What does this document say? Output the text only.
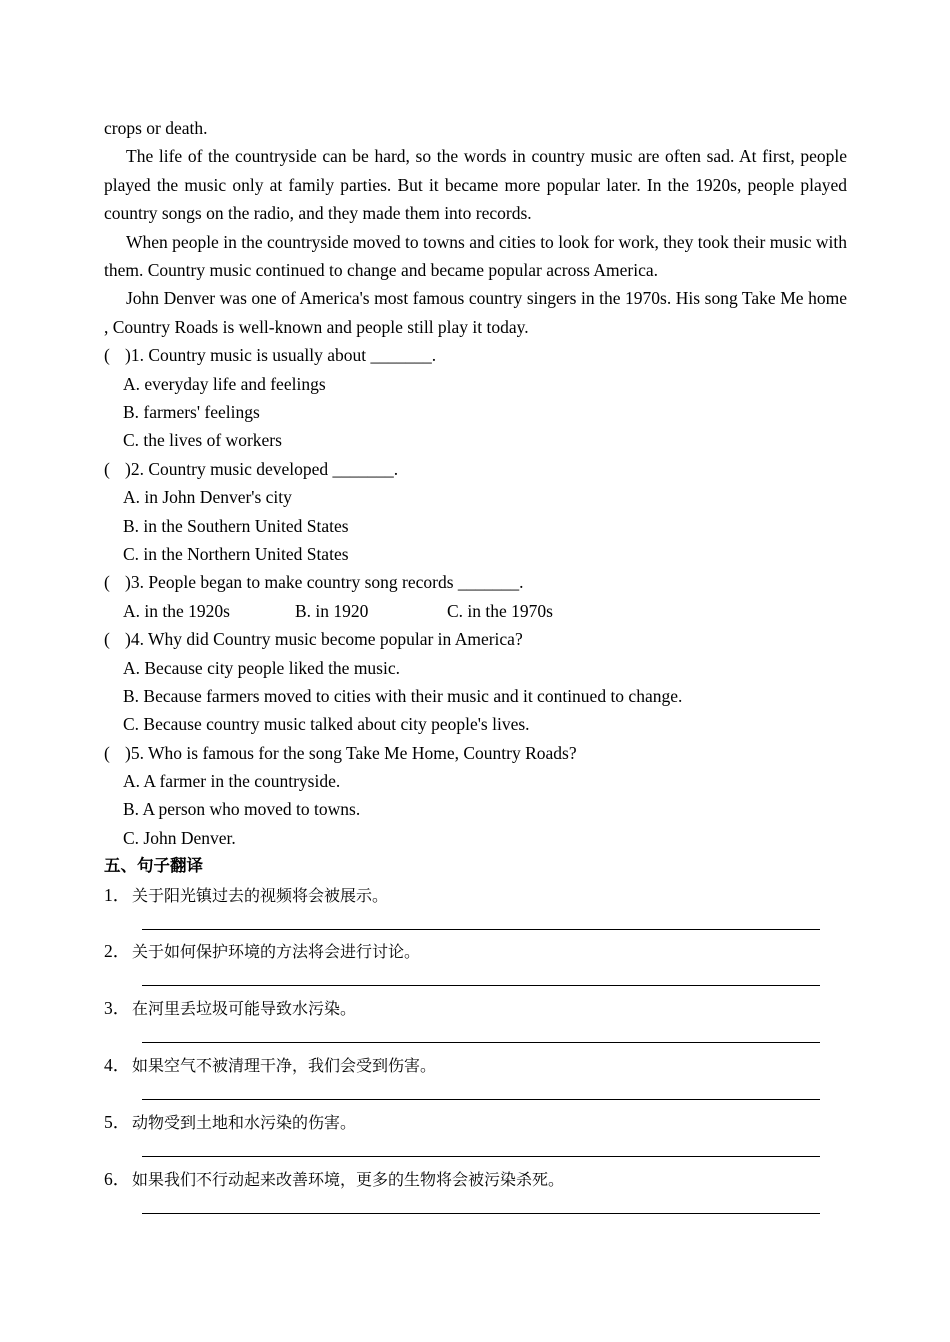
crops or death.
The life of the countryside can be hard, so the words in country music are often sad. At first, people played the music only at family parties. But it became more popular later. In the 1920s, people played country songs on the radio, and they made them into records.
When people in the countryside moved to towns and cities to look for work, they took their music with them. Country music continued to change and became popular across America.
John Denver was one of America's most famous country singers in the 1970s. His song Take Me home , Country Roads is well-known and people still play it today.
( )1. Country music is usually about _______.
A. everyday life and feelings
B. farmers' feelings
C. the lives of workers
( )2. Country music developed _______.
A. in John Denver's city
B. in the Southern United States
C. in the Northern United States
( )3. People began to make country song records _______.
A. in the 1920s	B. in 1920	C. in the 1970s
( )4. Why did Country music become popular in America?
A. Because city people liked the music.
B. Because farmers moved to cities with their music and it continued to change.
C. Because country music talked about city people's lives.
( )5. Who is famous for the song Take Me Home, Country Roads?
A. A farmer in the countryside.
B. A person who moved to towns.
C. John Denver.
五、句子翻译
1． 关于阳光镇过去的视频将会被展示。
2． 关于如何保护环境的方法将会进行讨论。
3． 在河里丢垃圾可能导致水污染。
4． 如果空气不被清理干净，我们会受到伤害。
5． 动物受到土地和水污染的伤害。
6． 如果我们不行动起来改善环境，更多的生物将会被污染杀死。
